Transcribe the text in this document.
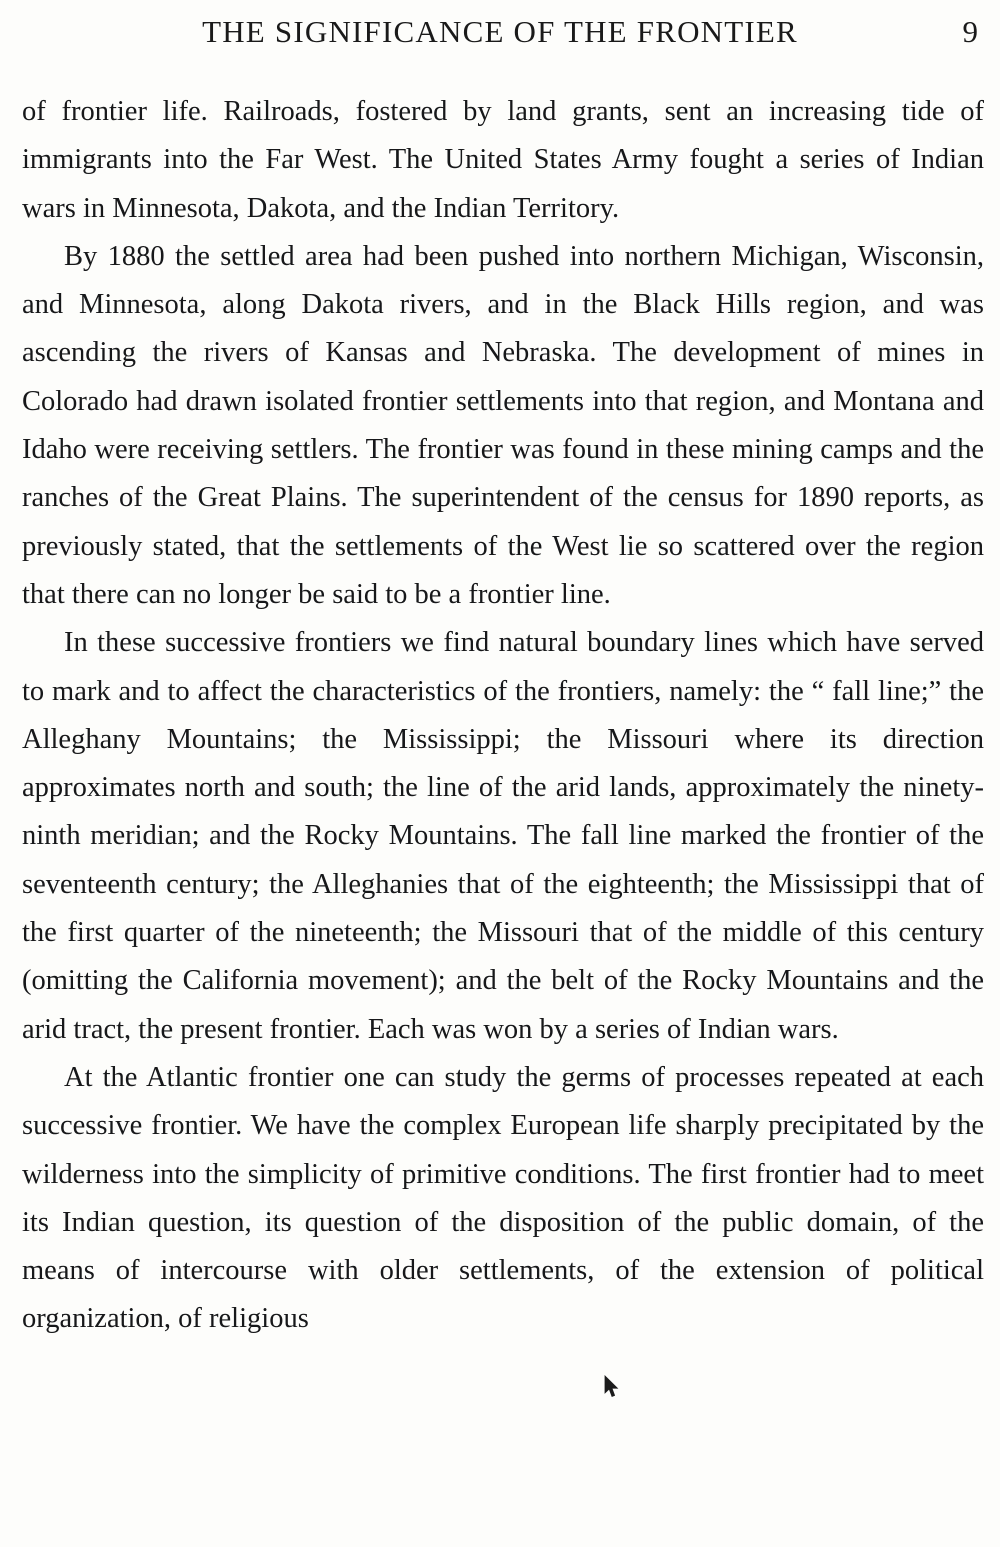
THE SIGNIFICANCE OF THE FRONTIER	9

of frontier life. Railroads, fostered by land grants, sent an increasing tide of immigrants into the Far West. The United States Army fought a series of Indian wars in Minnesota, Dakota, and the Indian Territory.

By 1880 the settled area had been pushed into northern Michigan, Wisconsin, and Minnesota, along Dakota rivers, and in the Black Hills region, and was ascending the rivers of Kansas and Nebraska. The development of mines in Colorado had drawn isolated frontier settlements into that region, and Montana and Idaho were receiving settlers. The frontier was found in these mining camps and the ranches of the Great Plains. The superintendent of the census for 1890 reports, as previously stated, that the settlements of the West lie so scattered over the region that there can no longer be said to be a frontier line.

In these successive frontiers we find natural boundary lines which have served to mark and to affect the characteristics of the frontiers, namely: the “ fall line;” the Alleghany Mountains; the Mississippi; the Missouri where its direction approximates north and south; the line of the arid lands, approximately the ninety-ninth meridian; and the Rocky Mountains. The fall line marked the frontier of the seventeenth century; the Alleghanies that of the eighteenth; the Mississippi that of the first quarter of the nineteenth; the Missouri that of the middle of this century (omitting the California movement); and the belt of the Rocky Mountains and the arid tract, the present frontier. Each was won by a series of Indian wars.

At the Atlantic frontier one can study the germs of processes repeated at each successive frontier. We have the complex European life sharply precipitated by the wilderness into the simplicity of primitive conditions. The first frontier had to meet its Indian question, its question of the disposition of the public domain, of the means of intercourse with older settlements, of the extension of political organization, of religious
